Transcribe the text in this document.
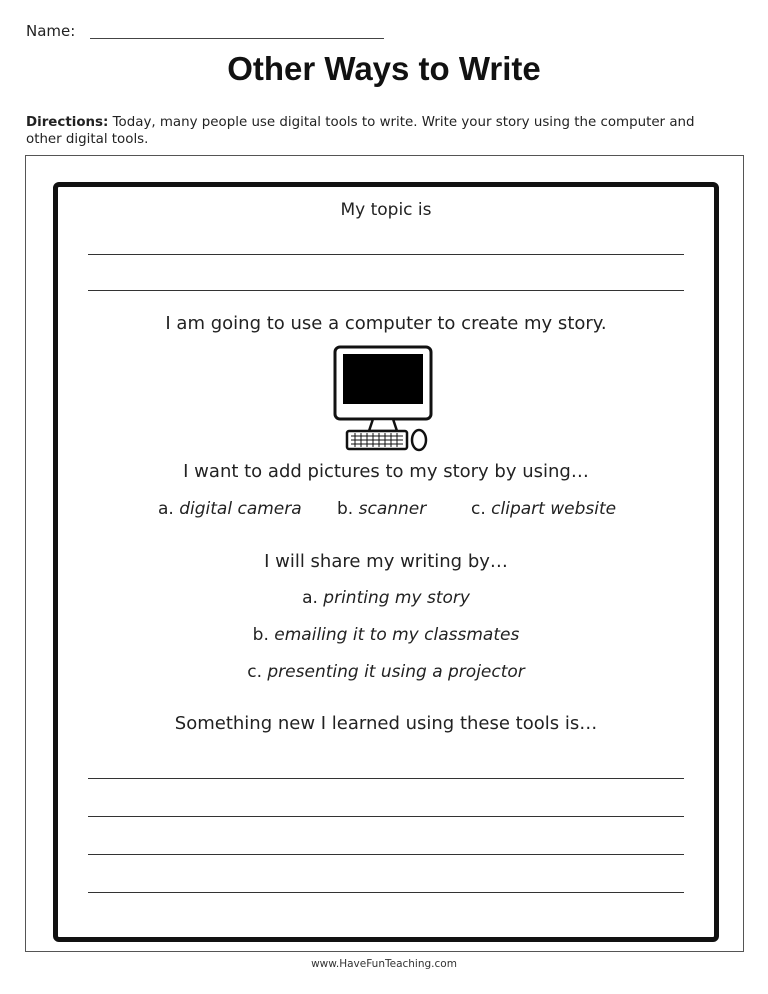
Name:
Other Ways to Write
Directions: Today, many people use digital tools to write. Write your story using the computer and other digital tools.
My topic is
I am going to use a computer to create my story.
I want to add pictures to my story by using…
a. digital camera b. scanner	c. clipart website
I will share my writing by…
a. printing my story
b. emailing it to my classmates
c. presenting it using a projector
Something new I learned using these tools is…
www.HaveFunTeaching.com
